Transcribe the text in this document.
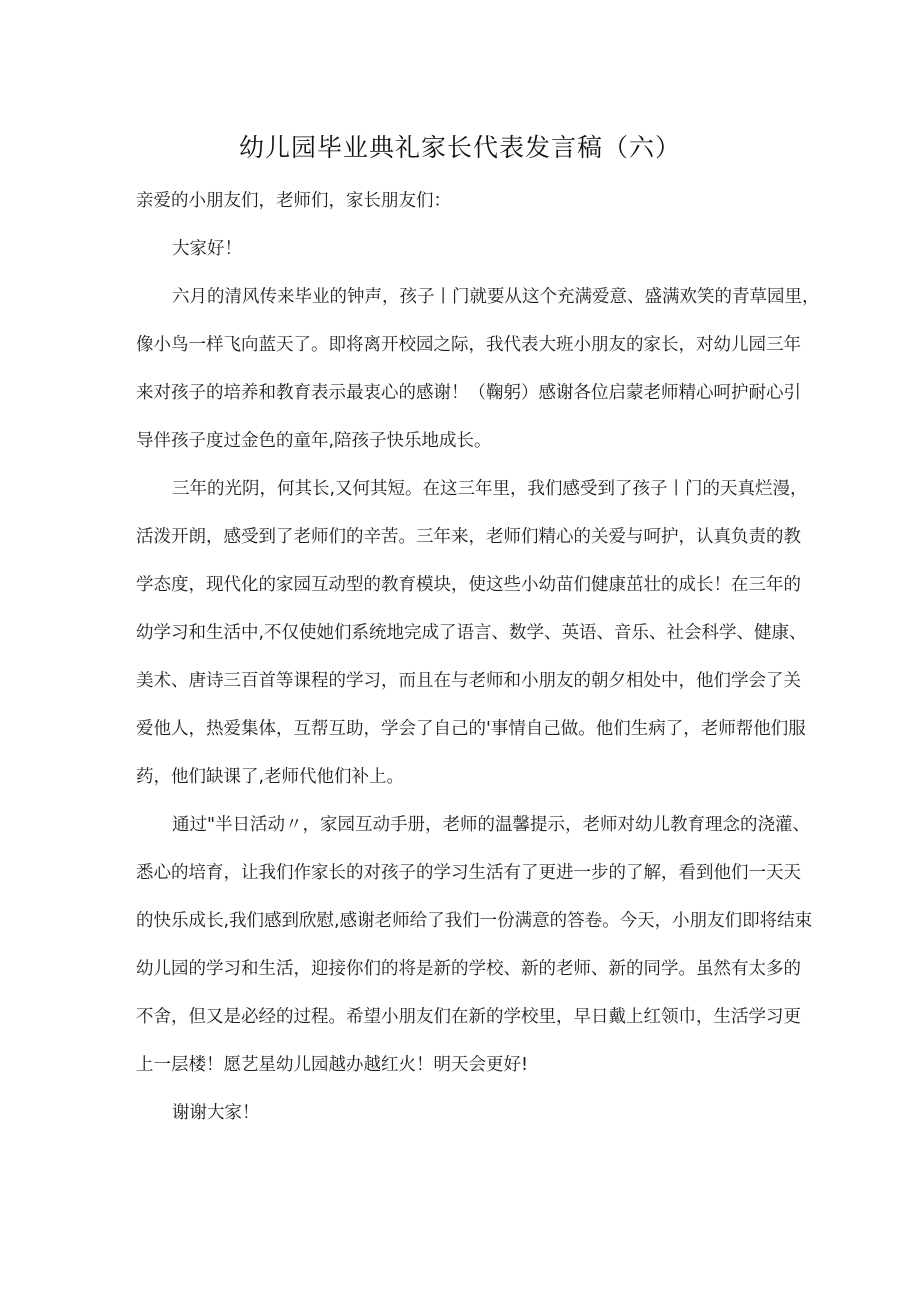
幼儿园毕业典礼家长代表发言稿（六）
亲爱的小朋友们，老师们，家长朋友们：
大家好！
六月的清风传来毕业的钟声，孩子丨门就要从这个充满爱意、盛满欢笑的青草园里，
像小鸟一样飞向蓝天了。即将离开校园之际，我代表大班小朋友的家长，对幼儿园三年
来对孩子的培养和教育表示最衷心的感谢！（鞠躬）感谢各位启蒙老师精心呵护耐心引
导伴孩子度过金色的童年,陪孩子快乐地成长。
三年的光阴，何其长,又何其短。在这三年里，我们感受到了孩子丨门的天真烂漫，
活泼开朗，感受到了老师们的辛苦。三年来，老师们精心的关爱与呵护，认真负责的教
学态度，现代化的家园互动型的教育模块，使这些小幼苗们健康茁壮的成长！在三年的
幼学习和生活中,不仅使她们系统地完成了语言、数学、英语、音乐、社会科学、健康、
美术、唐诗三百首等课程的学习，而且在与老师和小朋友的朝夕相处中，他们学会了关
爱他人，热爱集体，互帮互助，学会了自己的'事情自己做。他们生病了，老师帮他们服
药，他们缺课了,老师代他们补上。
通过"半日活动〃，家园互动手册，老师的温馨提示，老师对幼儿教育理念的浇灌、
悉心的培育，让我们作家长的对孩子的学习生活有了更进一步的了解，看到他们一天天
的快乐成长,我们感到欣慰,感谢老师给了我们一份满意的答卷。今天，小朋友们即将结束
幼儿园的学习和生活，迎接你们的将是新的学校、新的老师、新的同学。虽然有太多的
不舍，但又是必经的过程。希望小朋友们在新的学校里，早日戴上红领巾，生活学习更
上一层楼！愿艺星幼儿园越办越红火！明天会更好!
谢谢大家！
